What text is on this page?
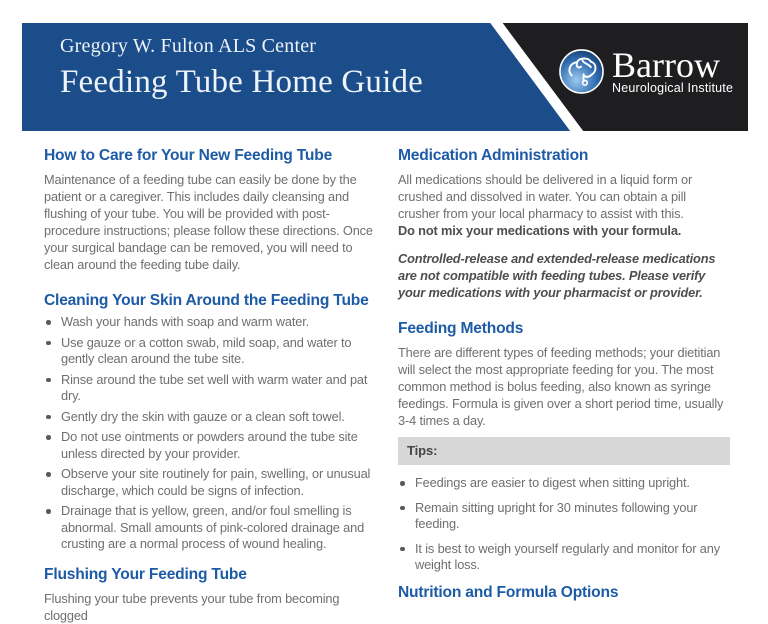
Gregory W. Fulton ALS Center
Feeding Tube Home Guide	Barrow
Neurological Institute
How to Care for Your New Feeding Tube

Maintenance of a feeding tube can easily be done by the patient or a caregiver. This includes daily cleansing and flushing of your tube. You will be provided with post-procedure instructions; please follow these directions. Once your surgical bandage can be removed, you will need to clean around the feeding tube daily.

Cleaning Your Skin Around the Feeding Tube
Wash your hands with soap and warm water.
Use gauze or a cotton swab, mild soap, and water to gently clean around the tube site.
Rinse around the tube set well with warm water and pat dry.
Gently dry the skin with gauze or a clean soft towel.
Do not use ointments or powders around the tube site unless directed by your provider.
Observe your site routinely for pain, swelling, or unusual discharge, which could be signs of infection.
Drainage that is yellow, green, and/or foul smelling is abnormal. Small amounts of pink-colored drainage and crusting are a normal process of wound healing.
Flushing Your Feeding Tube

Flushing your tube prevents your tube from becoming clogged

Medication Administration

All medications should be delivered in a liquid form or crushed and dissolved in water. You can obtain a pill crusher from your local pharmacy to assist with this.

Do not mix your medications with your formula.

Controlled-release and extended-release medications are not compatible with feeding tubes. Please verify your medications with your pharmacist or provider.

Feeding Methods

There are different types of feeding methods; your dietitian will select the most appropriate feeding for you. The most common method is bolus feeding, also known as syringe feedings. Formula is given over a short period time, usually 3-4 times a day.

Tips:
Feedings are easier to digest when sitting upright.
Remain sitting upright for 30 minutes following your feeding.
It is best to weigh yourself regularly and monitor for any weight loss.
Nutrition and Formula Options
